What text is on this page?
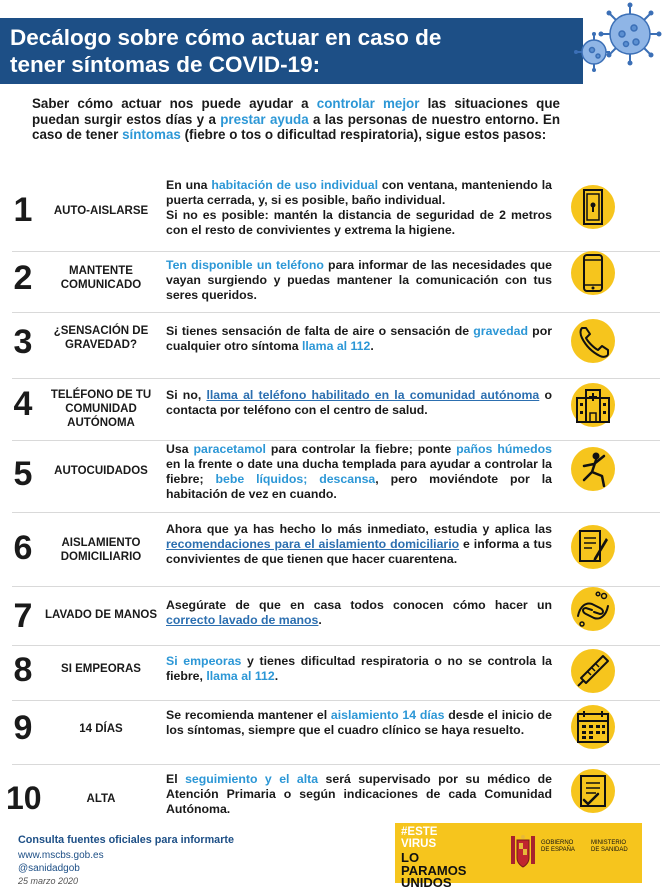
Decálogo sobre cómo actuar en caso de
tener síntomas de COVID-19:

Saber cómo actuar nos puede ayudar a controlar mejor las situaciones que puedan surgir estos días y a prestar ayuda a las personas de nuestro entorno. En caso de tener síntomas (fiebre o tos o dificultad respiratoria), sigue estos pasos:

1	AUTO-AISLARSE
En una habitación de uso individual con ventana, manteniendo la puerta cerrada, y, si es posible, baño individual.
Si no es posible: mantén la distancia de seguridad de 2 metros con el resto de convivientes y extrema la higiene.
2	MANTENTE
COMUNICADO
Ten disponible un teléfono para informar de las necesidades que vayan surgiendo y puedas mantener la comunicación con tus seres queridos.
3	¿SENSACIÓN DE
GRAVEDAD?
Si tienes sensación de falta de aire o sensación de gravedad por cualquier otro síntoma llama al 112.
4	TELÉFONO DE TU
COMUNIDAD
AUTÓNOMA
Si no, llama al teléfono habilitado en la comunidad autónoma o contacta por teléfono con el centro de salud.
5	AUTOCUIDADOS
Usa paracetamol para controlar la fiebre; ponte paños húmedos en la frente o date una ducha templada para ayudar a controlar la fiebre; bebe líquidos; descansa, pero moviéndote por la habitación de vez en cuando.
6	AISLAMIENTO
DOMICILIARIO
Ahora que ya has hecho lo más inmediato, estudia y aplica las recomendaciones para el aislamiento domiciliario e informa a tus convivientes de que tienen que hacer cuarentena.
7	LAVADO DE MANOS
Asegúrate de que en casa todos conocen cómo hacer un correcto lavado de manos.
8	SI EMPEORAS
Si empeoras y tienes dificultad respiratoria o no se controla la fiebre, llama al 112.
9	14 DÍAS
Se recomienda mantener el aislamiento 14 días desde el inicio de los síntomas, siempre que el cuadro clínico se haya resuelto.
10	ALTA
El seguimiento y el alta será supervisado por su médico de Atención Primaria o según indicaciones de cada Comunidad Autónoma.
Consulta fuentes oficiales para informarte
www.mscbs.gob.es
@sanidadgob
25 marzo 2020
#ESTE
VIRUS
LO
PARAMOS
UNIDOS
GOBIERNO
DE ESPAÑA
MINISTERIO
DE SANIDAD
